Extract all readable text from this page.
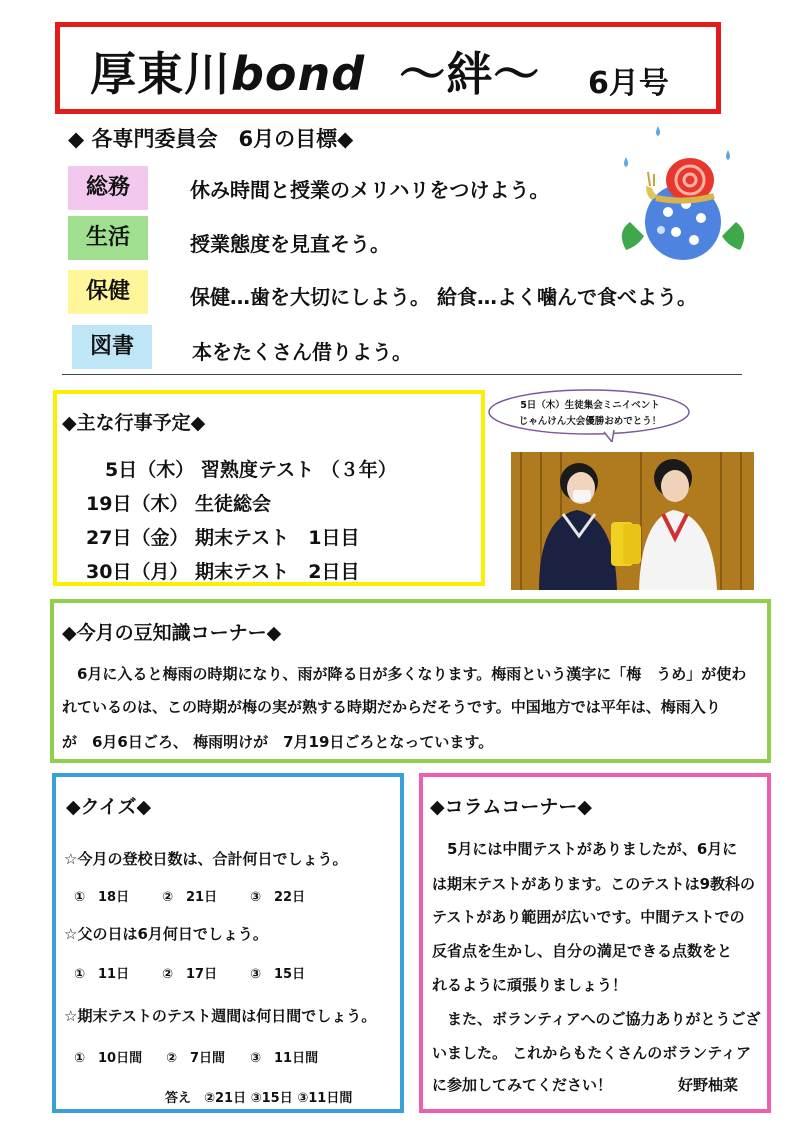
厚東川bond ～絆～ 6月号
◆ 各専門委員会　6月の目標◆
総務	休み時間と授業のメリハリをつけよう。
生活	授業態度を見直そう。
保健	保健…歯を大切にしよう。 給食…よく噛んで食べよう。
図書	本をたくさん借りよう。
◆主な行事予定◆
　5日（木） 習熟度テスト （３年）
19日（木） 生徒総会
27日（金） 期末テスト　1日目
30日（月） 期末テスト　2日目
5日（木）生徒集会ミニイベント
じゃんけん大会優勝おめでとう！
◆今月の豆知識コーナー◆
　6月に入ると梅雨の時期になり、雨が降る日が多くなります。梅雨という漢字に「梅　うめ」が使わ
れているのは、この時期が梅の実が熟する時期だからだそうです。中国地方では平年は、梅雨入り
が　6月6日ごろ、 梅雨明けが　7月19日ごろとなっています。
◆クイズ◆
☆今月の登校日数は、合計何日でしょう。
①　18日	②　21日	③　22日
☆父の日は6月何日でしょう。
①　11日	②　17日	③　15日
☆期末テストのテスト週間は何日間でしょう。
①　10日間 ②　7日間 ③　11日間
答え　②21日 ③15日 ③11日間
◆コラムコーナー◆
　5月には中間テストがありましたが、6月に
は期末テストがあります。このテストは9教科の
テストがあり範囲が広いです。中間テストでの
反省点を生かし、自分の満足できる点数をと
れるように頑張りましょう！
　また、ボランティアへのご協力ありがとうござ
いました。 これからもたくさんのボランティア
に参加してみてください！	好野柚菜
